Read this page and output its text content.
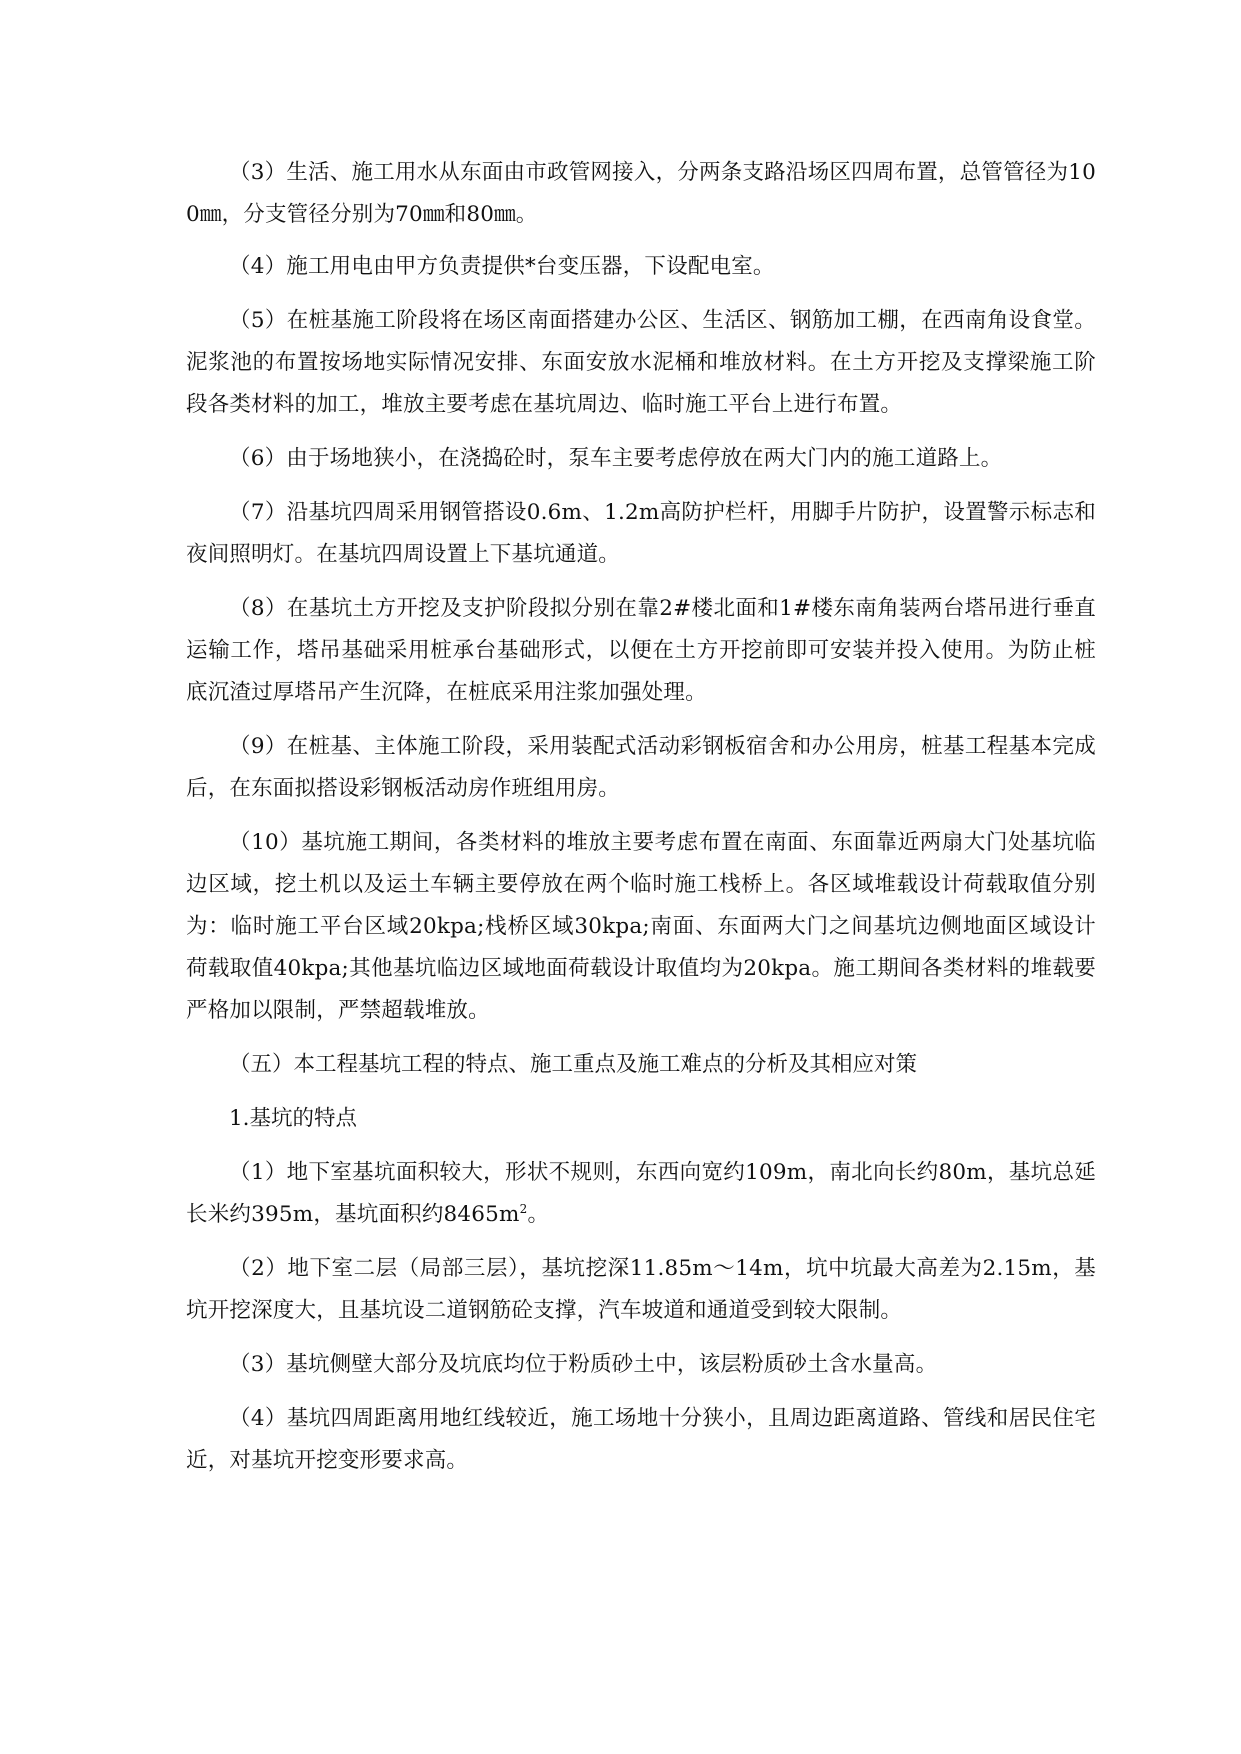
（3）生活、施工用水从东面由市政管网接入，分两条支路沿场区四周布置，总管管径为100㎜，分支管径分别为70㎜和80㎜。

（4）施工用电由甲方负责提供*台变压器，下设配电室。

（5）在桩基施工阶段将在场区南面搭建办公区、生活区、钢筋加工棚，在西南角设食堂。泥浆池的布置按场地实际情况安排、东面安放水泥桶和堆放材料。在土方开挖及支撑梁施工阶段各类材料的加工，堆放主要考虑在基坑周边、临时施工平台上进行布置。

（6）由于场地狭小，在浇捣砼时，泵车主要考虑停放在两大门内的施工道路上。

（7）沿基坑四周采用钢管搭设0.6m、1.2m高防护栏杆，用脚手片防护，设置警示标志和夜间照明灯。在基坑四周设置上下基坑通道。

（8）在基坑土方开挖及支护阶段拟分别在靠2#楼北面和1#楼东南角装两台塔吊进行垂直运输工作，塔吊基础采用桩承台基础形式，以便在土方开挖前即可安装并投入使用。为防止桩底沉渣过厚塔吊产生沉降，在桩底采用注浆加强处理。

（9）在桩基、主体施工阶段，采用装配式活动彩钢板宿舍和办公用房，桩基工程基本完成后，在东面拟搭设彩钢板活动房作班组用房。

（10）基坑施工期间，各类材料的堆放主要考虑布置在南面、东面靠近两扇大门处基坑临边区域，挖土机以及运土车辆主要停放在两个临时施工栈桥上。各区域堆载设计荷载取值分别为：临时施工平台区域20kpa;栈桥区域30kpa;南面、东面两大门之间基坑边侧地面区域设计荷载取值40kpa;其他基坑临边区域地面荷载设计取值均为20kpa。施工期间各类材料的堆载要严格加以限制，严禁超载堆放。

（五）本工程基坑工程的特点、施工重点及施工难点的分析及其相应对策

1.基坑的特点

（1）地下室基坑面积较大，形状不规则，东西向宽约109m，南北向长约80m，基坑总延长米约395m，基坑面积约$8465m^2$。

（2）地下室二层（局部三层），基坑挖深11.85m～14m，坑中坑最大高差为2.15m，基坑开挖深度大，且基坑设二道钢筋砼支撑，汽车坡道和通道受到较大限制。

（3）基坑侧壁大部分及坑底均位于粉质砂土中，该层粉质砂土含水量高。

（4）基坑四周距离用地红线较近，施工场地十分狭小，且周边距离道路、管线和居民住宅近，对基坑开挖变形要求高。
